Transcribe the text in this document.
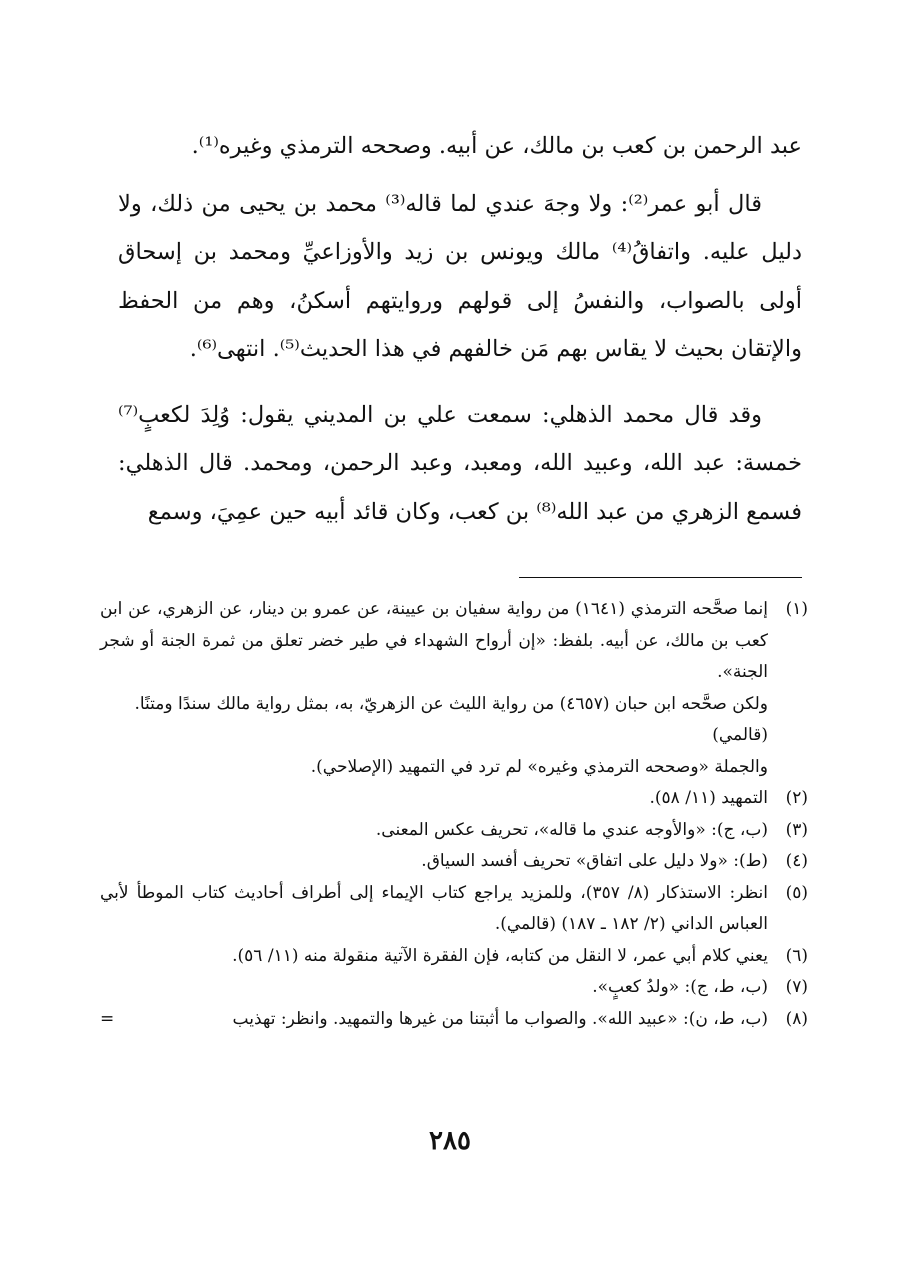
عبد الرحمن بن كعب بن مالك، عن أبيه. وصححه الترمذي وغيره⁽¹⁾.

قال أبو عمر⁽²⁾: ولا وجهَ عندي لما قاله⁽³⁾ محمد بن يحيى من ذلك، ولا دليل عليه. واتفاقُ⁽⁴⁾ مالك ويونس بن زيد والأوزاعيِّ ومحمد بن إسحاق أولى بالصواب، والنفسُ إلى قولهم وروايتهم أسكنُ، وهم من الحفظ والإتقان بحيث لا يقاس بهم مَن خالفهم في هذا الحديث⁽⁵⁾. انتهى⁽⁶⁾.

وقد قال محمد الذهلي: سمعت علي بن المديني يقول: وُلِدَ لكعبٍ⁽⁷⁾ خمسة: عبد الله، وعبيد الله، ومعبد، وعبد الرحمن، ومحمد. قال الذهلي: فسمع الزهري من عبد الله⁽⁸⁾ بن كعب، وكان قائد أبيه حين عمِيَ، وسمع

(١)
إنما صحَّحه الترمذي (١٦٤١) من رواية سفيان بن عيينة، عن عمرو بن دينار، عن الزهري، عن ابن كعب بن مالك، عن أبيه. بلفظ: «إن أرواح الشهداء في طير خضر تعلق من ثمرة الجنة أو شجر الجنة».

ولكن صحَّحه ابن حبان (٤٦٥٧) من رواية الليث عن الزهريّ، به، بمثل رواية مالك سندًا ومتنًا. (قالمي)

والجملة «وصححه الترمذي وغيره» لم ترد في التمهيد (الإصلاحي).

(٢)
التمهيد (١١/ ٥٨).
(٣)
(ب، ج): «والأوجه عندي ما قاله»، تحريف عكس المعنى.
(٤)
(ط): «ولا دليل على اتفاق» تحريف أفسد السياق.
(٥)
انظر: الاستذكار (٨/ ٣٥٧)، وللمزيد يراجع كتاب الإيماء إلى أطراف أحاديث كتاب الموطأ لأبي العباس الداني (٢/ ١٨٢ ـ ١٨٧) (قالمي).
(٦)
يعني كلام أبي عمر، لا النقل من كتابه، فإن الفقرة الآتية منقولة منه (١١/ ٥٦).
(٧)
(ب، ط، ج): «ولدُ كعبٍ».
(٨)
(ب، ط، ن): «عبيد الله». والصواب ما أثبتنا من غيرها والتمهيد. وانظر: تهذيب
=
٢٨٥
